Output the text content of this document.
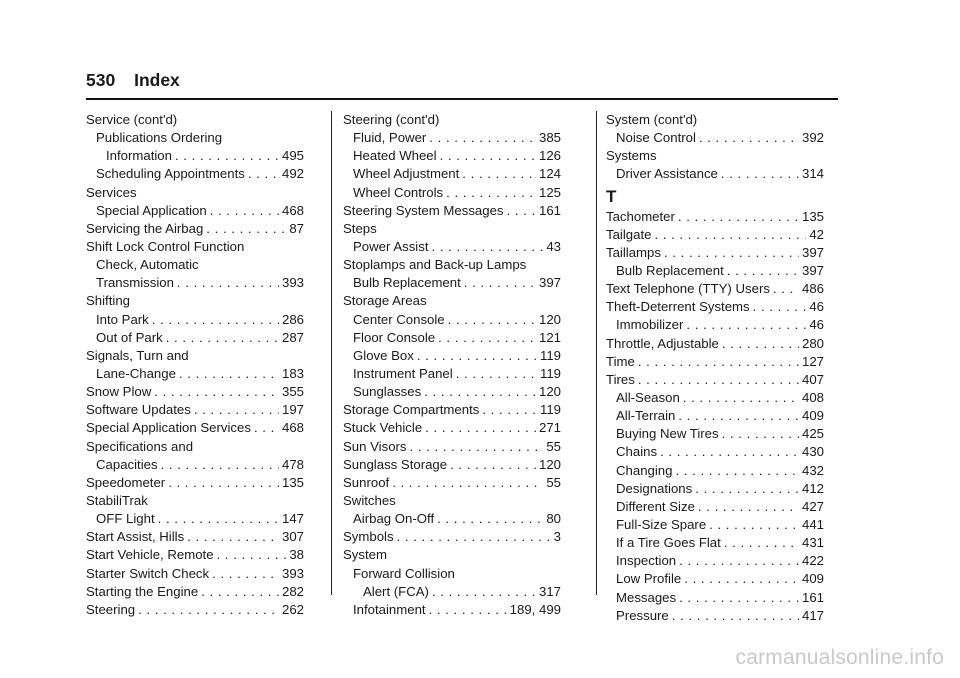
530 Index
Service (cont'd)
Publications Ordering
Information . . .	495
Scheduling Appointments . . .	492
Services
Special Application . . .	468
Servicing the Airbag . . .	87
Shift Lock Control Function
Check, Automatic
Transmission . . .	393
Shifting
Into Park . . .	286
Out of Park . . .	287
Signals, Turn and
Lane-Change . . .	183
Snow Plow . . .	355
Software Updates . . .	197
Special Application Services . . . 468
Specifications and
Capacities . . .	478
Speedometer . . .	135
StabiliTrak
OFF Light . . .	147
Start Assist, Hills . . .	307
Start Vehicle, Remote . . .	38
Starter Switch Check . . .	393
Starting the Engine . . .	282
Steering . . .	262
Steering (cont'd)
Fluid, Power . . .	385
Heated Wheel . . .	126
Wheel Adjustment . . .	124
Wheel Controls . . .	125
Steering System Messages . . .	161
Steps
Power Assist . . .	43
Stoplamps and Back-up Lamps
Bulb Replacement . . .	397
Storage Areas
Center Console . . .	120
Floor Console . . .	121
Glove Box . . .	119
Instrument Panel . . .	119
Sunglasses . . .	120
Storage Compartments . . .	119
Stuck Vehicle . . .	271
Sun Visors . . .	55
Sunglass Storage . . .	120
Sunroof . . .	55
Switches
Airbag On-Off . . .	80
Symbols . . .	3
System
Forward Collision
Alert (FCA) . . .	317
Infotainment . . .	189, 499
System (cont'd)
Noise Control . . .	392
Systems
Driver Assistance . . .	314
T
Tachometer . . .	135
Tailgate . . .	42
Taillamps . . .	397
Bulb Replacement . . .	397
Text Telephone (TTY) Users . . . 486
Theft-Deterrent Systems . . .	46
Immobilizer . . .	46
Throttle, Adjustable . . .	280
Time . . .	127
Tires . . .	407
All-Season . . .	408
All-Terrain . . .	409
Buying New Tires . . .	425
Chains . . .	430
Changing . . .	432
Designations . . .	412
Different Size . . .	427
Full-Size Spare . . .	441
If a Tire Goes Flat . . .	431
Inspection . . .	422
Low Profile . . .	409
Messages . . .	161
Pressure . . .	417
carmanualsonline.info
